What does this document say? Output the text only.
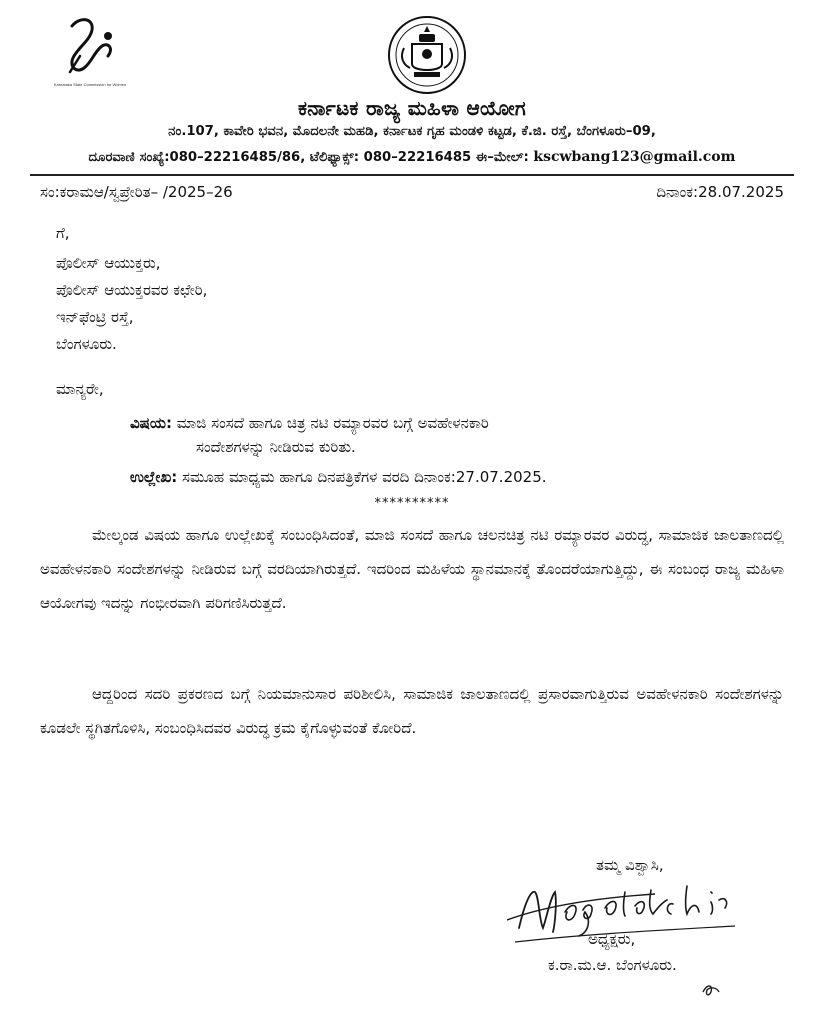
Karnataka State Commission for Women
ಕರ್ನಾಟಕ ರಾಜ್ಯ ಮಹಿಳಾ ಆಯೋಗ
ನಂ.107, ಕಾವೇರಿ ಭವನ, ಮೊದಲನೇ ಮಹಡಿ, ಕರ್ನಾಟಕ ಗೃಹ ಮಂಡಳಿ ಕಟ್ಟಡ, ಕೆ.ಜಿ. ರಸ್ತೆ, ಬೆಂಗಳೂರು–09,
ದೂರವಾಣಿ ಸಂಖ್ಯೆ:080–22216485/86, ಟೆಲಿಫ್ಯಾಕ್ಸ್: 080–22216485 ಈ–ಮೇಲ್: kscwbang123@gmail.com
ಸಂ:ಕರಾಮಆ/ಸ್ವಪ್ರೇರಿತ– /2025–26	ದಿನಾಂಕ:28.07.2025
ಗೆ,
ಪೊಲೀಸ್ ಆಯುಕ್ತರು,
ಪೊಲೀಸ್ ಆಯುಕ್ತರವರ ಕಛೇರಿ,
ಇನ್‌ಫೆಂಟ್ರಿ ರಸ್ತೆ,
ಬೆಂಗಳೂರು.
ಮಾನ್ಯರೇ,
ವಿಷಯ: ಮಾಜಿ ಸಂಸದೆ ಹಾಗೂ ಚಿತ್ರ ನಟಿ ರಮ್ಯಾರವರ ಬಗ್ಗೆ ಅವಹೇಳನಕಾರಿ
ಸಂದೇಶಗಳನ್ನು ನೀಡಿರುವ ಕುರಿತು.
ಉಲ್ಲೇಖ: ಸಮೂಹ ಮಾಧ್ಯಮ ಹಾಗೂ ದಿನಪತ್ರಿಕೆಗಳ ವರದಿ ದಿನಾಂಕ:27.07.2025.
**********
ಮೇಲ್ಕಂಡ ವಿಷಯ ಹಾಗೂ ಉಲ್ಲೇಖಕ್ಕೆ ಸಂಬಂಧಿಸಿದಂತೆ, ಮಾಜಿ ಸಂಸದೆ ಹಾಗೂ ಚಲನಚಿತ್ರ ನಟಿ ರಮ್ಯಾರವರ ವಿರುದ್ಧ, ಸಾಮಾಜಿಕ ಜಾಲತಾಣದಲ್ಲಿ ಅವಹೇಳನಕಾರಿ ಸಂದೇಶಗಳನ್ನು ನೀಡಿರುವ ಬಗ್ಗೆ ವರದಿಯಾಗಿರುತ್ತದೆ. ಇದರಿಂದ ಮಹಿಳೆಯ ಸ್ಥಾನಮಾನಕ್ಕೆ ತೊಂದರೆಯಾಗುತ್ತಿದ್ದು, ಈ ಸಂಬಂಧ ರಾಜ್ಯ ಮಹಿಳಾ ಆಯೋಗವು ಇದನ್ನು ಗಂಭೀರವಾಗಿ ಪರಿಗಣಿಸಿರುತ್ತದೆ.
ಆದ್ದರಿಂದ ಸದರಿ ಪ್ರಕರಣದ ಬಗ್ಗೆ ನಿಯಮಾನುಸಾರ ಪರಿಶೀಲಿಸಿ, ಸಾಮಾಜಿಕ ಜಾಲತಾಣದಲ್ಲಿ ಪ್ರಸಾರವಾಗುತ್ತಿರುವ ಅವಹೇಳನಕಾರಿ ಸಂದೇಶಗಳನ್ನು ಕೂಡಲೇ ಸ್ಥಗಿತಗೊಳಿಸಿ, ಸಂಬಂಧಿಸಿದವರ ವಿರುದ್ಧ ಕ್ರಮ ಕೈಗೊಳ್ಳುವಂತೆ ಕೋರಿದೆ.
ತಮ್ಮ ವಿಶ್ವಾಸಿ,
ಅಧ್ಯಕ್ಷರು,
ಕ.ರಾ.ಮ.ಆ. ಬೆಂಗಳೂರು.
